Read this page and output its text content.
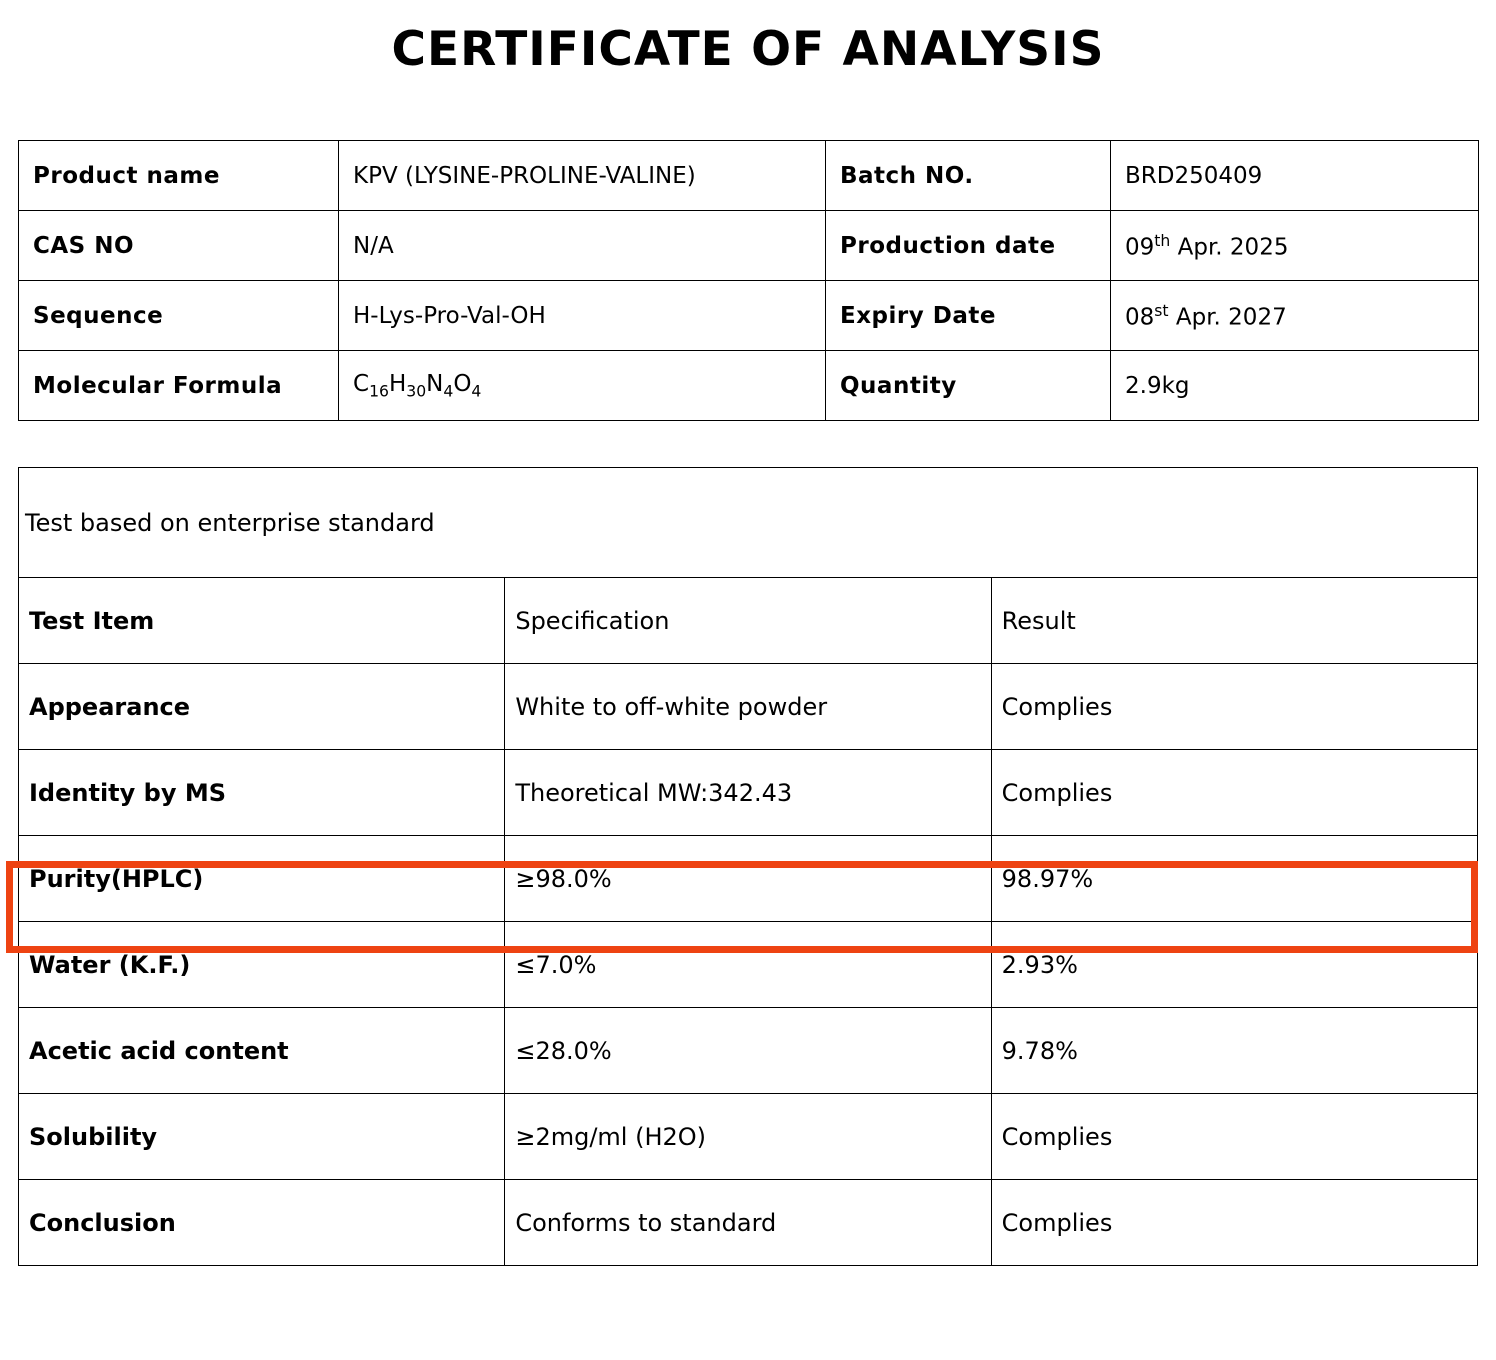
CERTIFICATE OF ANALYSIS
Product name	KPV (LYSINE-PROLINE-VALINE)	Batch NO.	BRD250409
CAS NO	N/A	Production date	09th Apr. 2025
Sequence	H-Lys-Pro-Val-OH	Expiry Date	08st Apr. 2027
Molecular Formula	$C_{16}H_{30}N_4O_4$	Quantity	2.9kg
Test based on enterprise standard		
Test Item	Specification	Result
Appearance	White to off-white powder	Complies
Identity by MS	Theoretical MW:342.43	Complies
Purity(HPLC)	≥98.0%	98.97%
Water (K.F.)	≤7.0%	2.93%
Acetic acid content	≤28.0%	9.78%
Solubility	≥2mg/ml (H2O)	Complies
Conclusion	Conforms to standard	Complies
